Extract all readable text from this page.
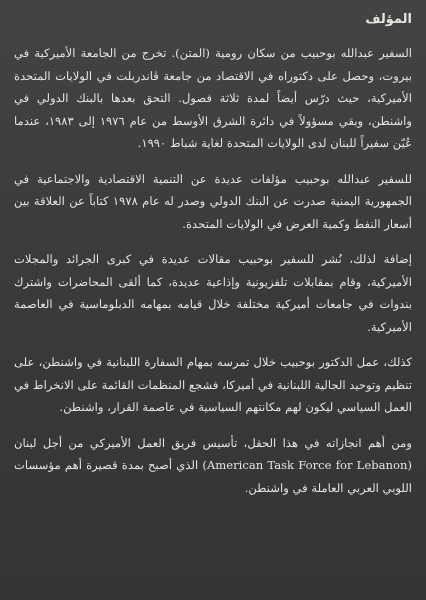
المؤلف

السفير عبدالله بوحبيب من سكان رومية (المتن). تخرج من الجامعة الأميركية في بيروت، وحصل على دكتوراه في الاقتصاد من جامعة ڤاندربلت في الولايات المتحدة الأميركية، حيث درّس أيضاً لمدة ثلاثة فصول. التحق بعدها بالبنك الدولي في واشنطن، وبقي مسؤولاً في دائرة الشرق الأوسط من عام ١٩٧٦ إلى ١٩٨٣، عندما عُيّن سفيراً للبنان لدى الولايات المتحدة لغاية شباط ١٩٩٠.

للسفير عبدالله بوحبيب مؤلفات عديدة عن التنمية الاقتصادية والاجتماعية في الجمهورية اليمنية صدرت عن البنك الدولي وصدر له عام ١٩٧٨ كتاباً عن العلاقة بين أسعار النفط وكمية العرض في الولايات المتحدة.

إضافة لذلك، نُشر للسفير بوحبيب مقالات عديدة في كبرى الجرائد والمجلات الأميركية، وقام بمقابلات تلفزيونية وإذاعية عديدة، كما ألقى المحاضرات واشترك بندوات في جامعات أميركية مختلفة خلال قيامه بمهامه الدبلوماسية في العاصمة الأميركية.

كذلك، عمل الدكتور بوحبيب خلال تمرسه بمهام السفارة اللبنانية في واشنطن، على تنظيم وتوحيد الجالية اللبنانية في أميركا، فشجع المنظمات القائمة على الانخراط في العمل السياسي ليكون لهم مكانتهم السياسية في عاصمة القرار، واشنطن.

ومن أهم انجازاته في هذا الحقل، تأسيس فريق العمل الأميركي من أجل لبنان (American Task Force for Lebanon) الذي أصبح بمدة قصيرة أهم مؤسسات اللوبي العربي العاملة في واشنطن.
